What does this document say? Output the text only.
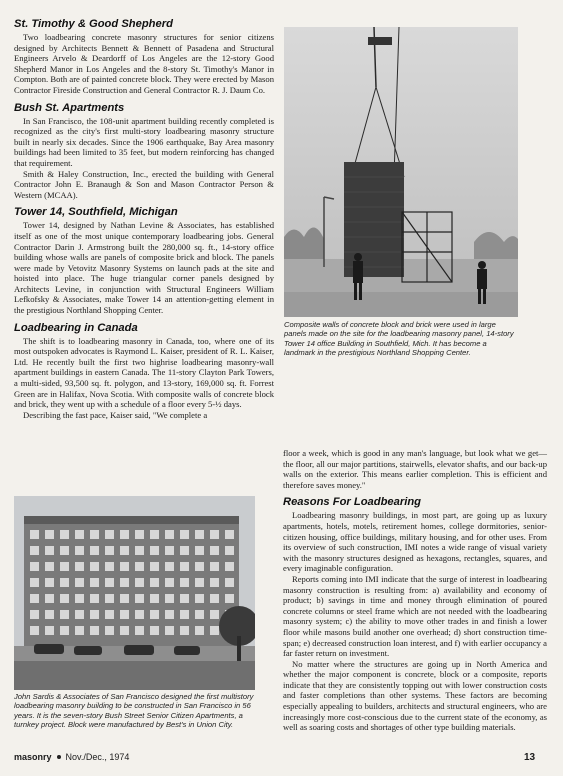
St. Timothy & Good Shepherd

Two loadbearing concrete masonry structures for senior citizens designed by Architects Bennett & Bennett of Pasadena and Structural Engineers Arvelo & Deardorff of Los Angeles are the 12-story Good Shepherd Manor in Los Angeles and the 8-story St. Timothy's Manor in Compton. Both are of painted concrete block. They were erected by Mason Contractor Fireside Construction and General Contractor R. J. Daum Co.

Bush St. Apartments

In San Francisco, the 108-unit apartment building recently completed is recognized as the city's first multi-story loadbearing masonry structure built in nearly six decades. Since the 1906 earthquake, Bay Area masonry buildings had been limited to 35 feet, but modern reinforcing has changed that requirement.

Smith & Haley Construction, Inc., erected the building with General Contractor John E. Branaugh & Son and Mason Contractor Person & Western (MCAA).

Tower 14, Southfield, Michigan

Tower 14, designed by Nathan Levine & Associates, has established itself as one of the most unique contemporary loadbearing jobs. General Contractor Darin J. Armstrong built the 280,000 sq. ft., 14-story office building whose walls are panels of composite brick and block. The panels were made by Vetovitz Masonry Systems on launch pads at the site and hoisted into place. The huge triangular corner panels designed by Architects Levine, in conjunction with Structural Engineers William Lefkofsky & Associates, make Tower 14 an attention-getting element in the prestigious Northland Shopping Center.

Loadbearing in Canada

The shift is to loadbearing masonry in Canada, too, where one of its most outspoken advocates is Raymond L. Kaiser, president of R. L. Kaiser, Ltd. He recently built the first two highrise loadbearing masonry-wall apartment buildings in eastern Canada. The 11-story Clayton Park Towers, a multi-sided, 93,500 sq. ft. polygon, and 13-story, 169,000 sq. ft. Forrest Green are in Halifax, Nova Scotia. With composite walls of concrete block and brick, they went up with a schedule of a floor every 5-½ days.

Describing the fast pace, Kaiser said, "We complete a

Composite walls of concrete block and brick were used in large panels made on the site for the loadbearing masonry panel, 14-story Tower 14 office Building in Southfield, Mich. It has become a landmark in the prestigious Northland Shopping Center.

floor a week, which is good in any man's language, but look what we get—the floor, all our major partitions, stairwells, elevator shafts, and our back-up walls on the exterior. This means earlier completion. This is efficient and therefore saves money."

Reasons For Loadbearing

Loadbearing masonry buildings, in most part, are going up as luxury apartments, hotels, motels, retirement homes, college dormitories, senior-citizen housing, office buildings, military housing, and for other uses. From its overview of such construction, IMI notes a wide range of visual variety with the masonry structures designed as hexagons, rectangles, squares, and every imaginable configuration.

Reports coming into IMI indicate that the surge of interest in loadbearing masonry construction is resulting from: a) availability and economy of product; b) savings in time and money through elimination of poured concrete columns or steel frame which are not needed with the loadbearing masonry system; c) the ability to move other trades in and finish a lower floor while masons build another one overhead; d) short construction time-span; e) decreased construction loan interest, and f) with earlier occupancy a far faster return on investment.

No matter where the structures are going up in North America and whether the major component is concrete, block or a composite, reports indicate that they are consistently topping out with lower construction costs and faster completions than other systems. These factors are becoming especially appealing to builders, architects and structural engineers, who are increasingly more cost-conscious due to the current state of the economy, as well as soaring costs and shortages of other type building materials.

John Sardis & Associates of San Francisco designed the first multistory loadbearing masonry building to be constructed in San Francisco in 56 years. It is the seven-story Bush Street Senior Citizen Apartments, a turnkey project. Block were manufactured by Best's in Union City.
masonry Nov./Dec., 1974	13
